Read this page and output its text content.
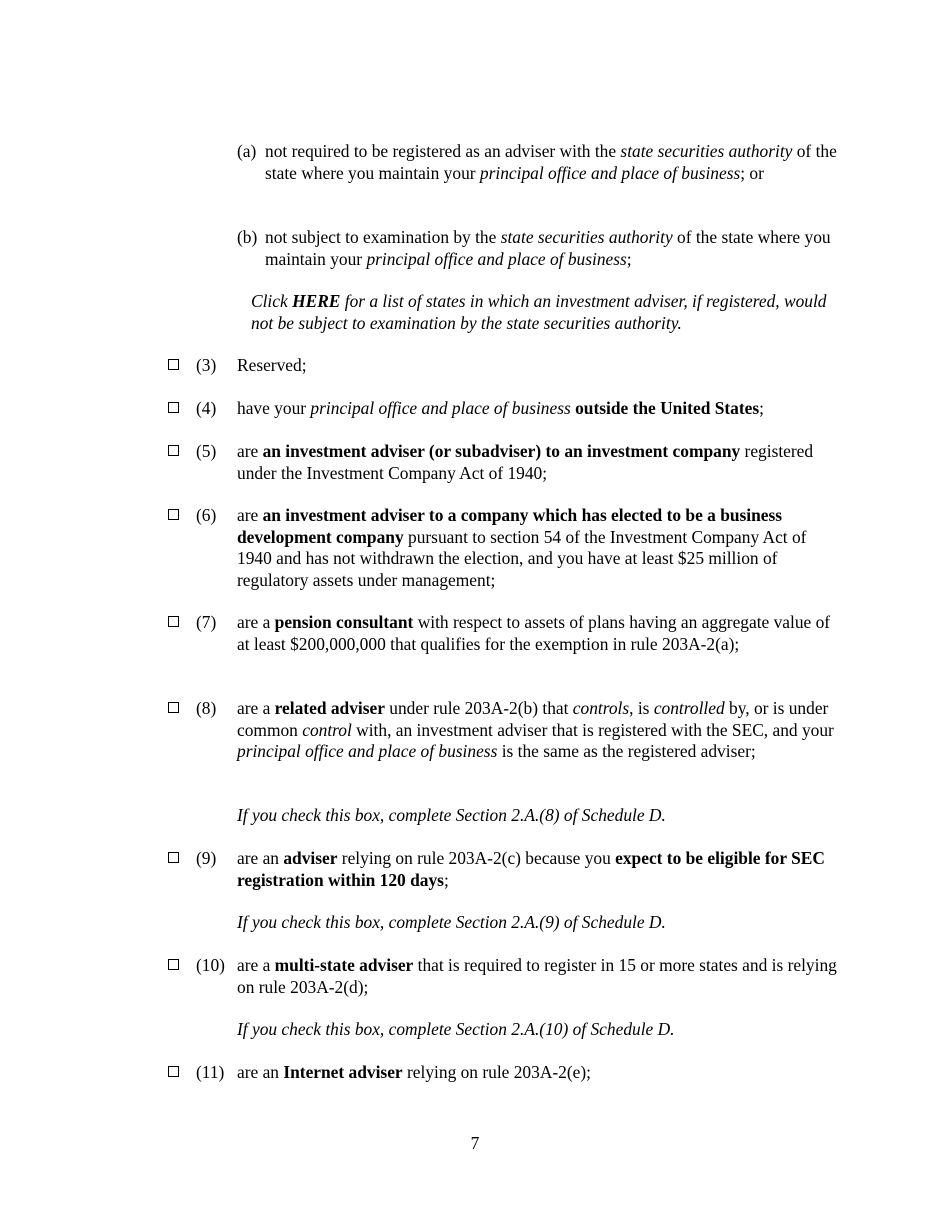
(a) not required to be registered as an adviser with the state securities authority of the state where you maintain your principal office and place of business; or
(b) not subject to examination by the state securities authority of the state where you maintain your principal office and place of business;
Click HERE for a list of states in which an investment adviser, if registered, would not be subject to examination by the state securities authority.
(3) Reserved;
(4) have your principal office and place of business outside the United States;
(5) are an investment adviser (or subadviser) to an investment company registered under the Investment Company Act of 1940;
(6) are an investment adviser to a company which has elected to be a business development company pursuant to section 54 of the Investment Company Act of 1940 and has not withdrawn the election, and you have at least $25 million of regulatory assets under management;
(7) are a pension consultant with respect to assets of plans having an aggregate value of at least $200,000,000 that qualifies for the exemption in rule 203A-2(a);
(8) are a related adviser under rule 203A-2(b) that controls, is controlled by, or is under common control with, an investment adviser that is registered with the SEC, and your principal office and place of business is the same as the registered adviser;
If you check this box, complete Section 2.A.(8) of Schedule D.
(9) are an adviser relying on rule 203A-2(c) because you expect to be eligible for SEC registration within 120 days;
If you check this box, complete Section 2.A.(9) of Schedule D.
(10) are a multi-state adviser that is required to register in 15 or more states and is relying on rule 203A-2(d);
If you check this box, complete Section 2.A.(10) of Schedule D.
(11) are an Internet adviser relying on rule 203A-2(e);
7
